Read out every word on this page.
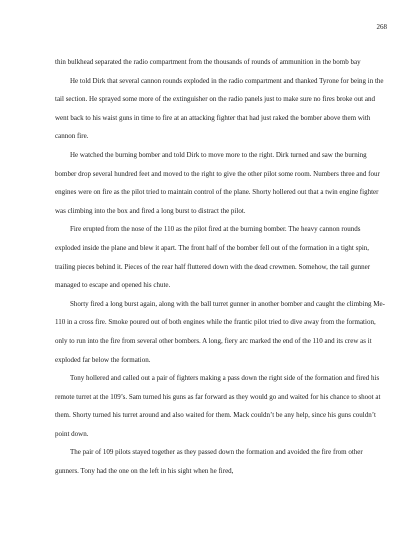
268

thin bulkhead separated the radio compartment from the thousands of rounds of ammunition in the bomb bay

He told Dirk that several cannon rounds exploded in the radio compartment and thanked Tyrone for being in the tail section. He sprayed some more of the extinguisher on the radio panels just to make sure no fires broke out and went back to his waist guns in time to fire at an attacking fighter that had just raked the bomber above them with cannon fire.

He watched the burning bomber and told Dirk to move more to the right. Dirk turned and saw the burning bomber drop several hundred feet and moved to the right to give the other pilot some room. Numbers three and four engines were on fire as the pilot tried to maintain control of the plane. Shorty hollered out that a twin engine fighter was climbing into the box and fired a long burst to distract the pilot.

Fire erupted from the nose of the 110 as the pilot fired at the burning bomber. The heavy cannon rounds exploded inside the plane and blew it apart. The front half of the bomber fell out of the formation in a tight spin, trailing pieces behind it. Pieces of the rear half fluttered down with the dead crewmen. Somehow, the tail gunner managed to escape and opened his chute.

Shorty fired a long burst again, along with the ball turret gunner in another bomber and caught the climbing Me-110 in a cross fire. Smoke poured out of both engines while the frantic pilot tried to dive away from the formation, only to run into the fire from several other bombers. A long, fiery arc marked the end of the 110 and its crew as it exploded far below the formation.

Tony hollered and called out a pair of fighters making a pass down the right side of the formation and fired his remote turret at the 109’s. Sam turned his guns as far forward as they would go and waited for his chance to shoot at them. Shorty turned his turret around and also waited for them. Mack couldn’t be any help, since his guns couldn’t point down.

The pair of 109 pilots stayed together as they passed down the formation and avoided the fire from other gunners. Tony had the one on the left in his sight when he fired,
